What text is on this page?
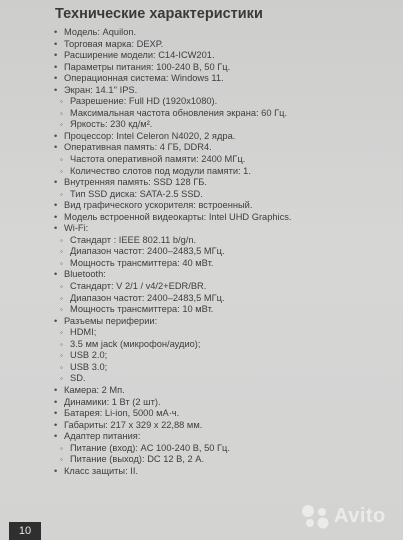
Технические характеристики
• Модель: Aquilon.
• Торговая марка: DEXP.
• Расширение модели: C14-ICW201.
• Параметры питания: 100-240 В, 50 Гц.
• Операционная система: Windows 11.
• Экран: 14.1'' IPS.
◦ Разрешение: Full HD (1920x1080).
◦ Максимальная частота обновления экрана: 60 Гц.
◦ Яркость: 230 кд/м².
• Процессор: Intel Celeron N4020, 2 ядра.
• Оперативная память: 4 ГБ, DDR4.
◦ Частота оперативной памяти: 2400 МГц.
◦ Количество слотов под модули памяти: 1.
• Внутренняя память: SSD 128 ГБ.
◦ Тип SSD диска: SATA-2.5 SSD.
• Вид графического ускорителя: встроенный.
• Модель встроенной видеокарты: Intel UHD Graphics.
• Wi-Fi:
◦ Стандарт : IEEE 802.11 b/g/n.
◦ Диапазон частот: 2400–2483,5 МГц.
◦ Мощность трансмиттера: 40 мВт.
• Bluetooth:
◦ Стандарт: V 2/1 / v4/2+EDR/BR.
◦ Диапазон частот: 2400–2483,5 МГц.
◦ Мощность трансмиттера: 10 мВт.
• Разъемы периферии:
◦ HDMI;
◦ 3.5 мм jack (микрофон/аудио);
◦ USB 2.0;
◦ USB 3.0;
◦ SD.
• Камера: 2 Мп.
• Динамики: 1 Вт (2 шт).
• Батарея: Li-ion, 5000 мА·ч.
• Габариты: 217 x 329 x 22,88 мм.
• Адаптер питания:
◦ Питание (вход): AC 100-240 В, 50 Гц.
◦ Питание (выход): DC 12 В, 2 А.
• Класс защиты: II.
10
Avito
